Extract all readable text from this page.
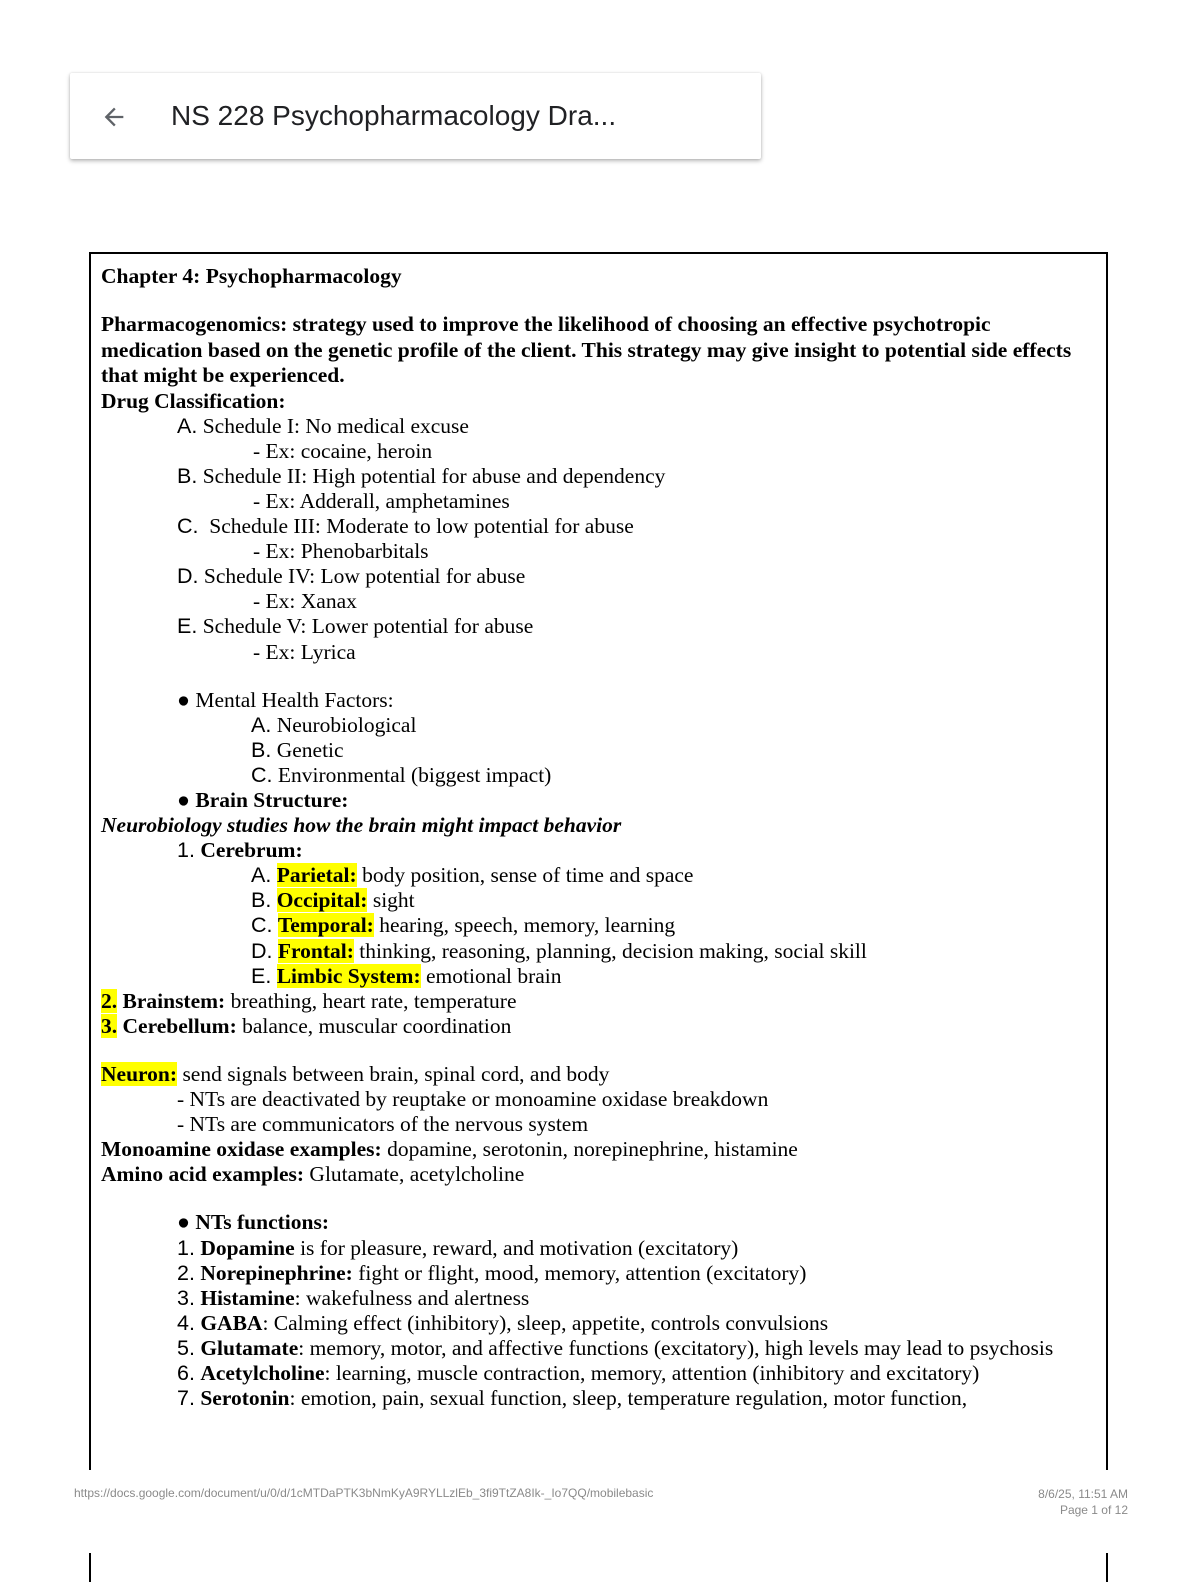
NS 228 Psychopharmacology Dra...
Chapter 4: Psychopharmacology
Pharmacogenomics: strategy used to improve the likelihood of choosing an effective psychotropic medication based on the genetic profile of the client. This strategy may give insight to potential side effects that might be experienced.
Drug Classification:
A. Schedule I: No medical excuse
- Ex: cocaine, heroin
B. Schedule II: High potential for abuse and dependency
- Ex: Adderall, amphetamines
C.  Schedule III: Moderate to low potential for abuse
- Ex: Phenobarbitals
D. Schedule IV: Low potential for abuse
- Ex: Xanax
E. Schedule V: Lower potential for abuse
- Ex: Lyrica
● Mental Health Factors:
A. Neurobiological
B. Genetic
C. Environmental (biggest impact)
● Brain Structure:
Neurobiology studies how the brain might impact behavior
1. Cerebrum:
A. Parietal: body position, sense of time and space
B. Occipital: sight
C. Temporal: hearing, speech, memory, learning
D. Frontal: thinking, reasoning, planning, decision making, social skill
E. Limbic System: emotional brain
2. Brainstem: breathing, heart rate, temperature
3. Cerebellum: balance, muscular coordination
Neuron: send signals between brain, spinal cord, and body
- NTs are deactivated by reuptake or monoamine oxidase breakdown
- NTs are communicators of the nervous system
Monoamine oxidase examples: dopamine, serotonin, norepinephrine, histamine
Amino acid examples: Glutamate, acetylcholine
● NTs functions:
1. Dopamine is for pleasure, reward, and motivation (excitatory)
2. Norepinephrine: fight or flight, mood, memory, attention (excitatory)
3. Histamine: wakefulness and alertness
4. GABA: Calming effect (inhibitory), sleep, appetite, controls convulsions
5. Glutamate: memory, motor, and affective functions (excitatory), high levels may lead to psychosis
6. Acetylcholine: learning, muscle contraction, memory, attention (inhibitory and excitatory)
7. Serotonin: emotion, pain, sexual function, sleep, temperature regulation, motor function,
https://docs.google.com/document/u/0/d/1cMTDaPTK3bNmKyA9RYLLzlEb_3fi9TtZA8Ik-_Io7QQ/mobilebasic	8/6/25, 11:51 AM
Page 1 of 12
